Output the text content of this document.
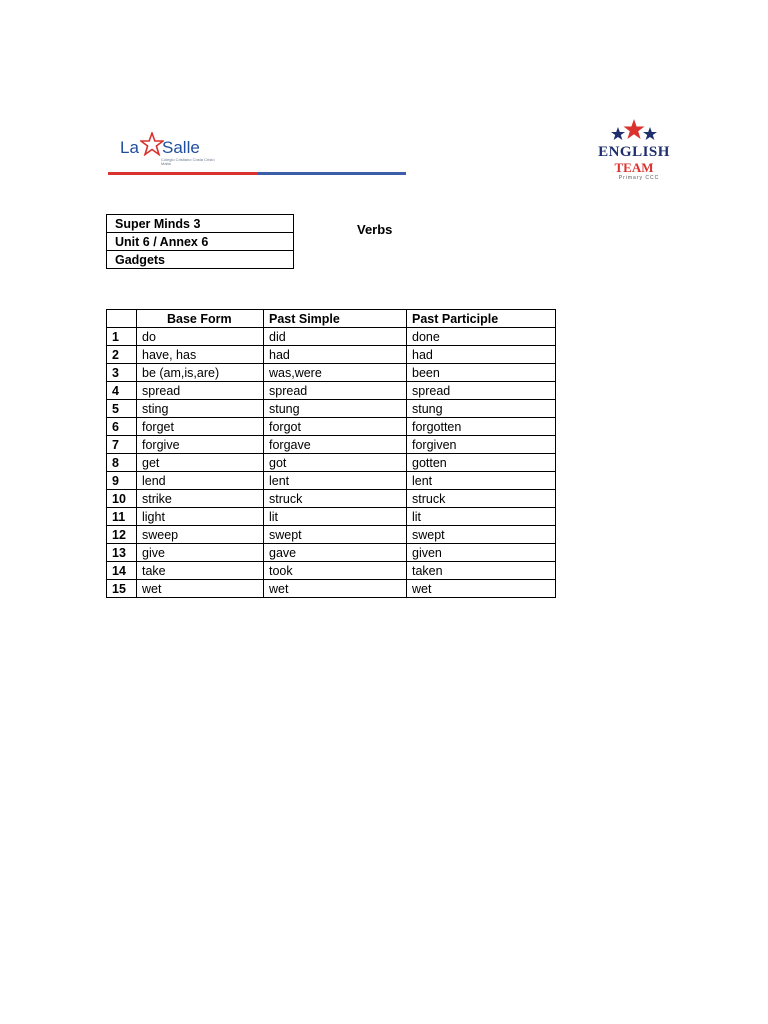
La Salle
Colegio Cristiano Costa Cristo Malta
ENGLISH
TEAM
Primary CCC
Super Minds 3
Unit 6 / Annex 6
Gadgets
Verbs
	Base Form	Past Simple	Past Participle
1	do	did	done
2	have, has	had	had
3	be (am,is,are)	was,were	been
4	spread	spread	spread
5	sting	stung	stung
6	forget	forgot	forgotten
7	forgive	forgave	forgiven
8	get	got	gotten
9	lend	lent	lent
10	strike	struck	struck
11	light	lit	lit
12	sweep	swept	swept
13	give	gave	given
14	take	took	taken
15	wet	wet	wet
